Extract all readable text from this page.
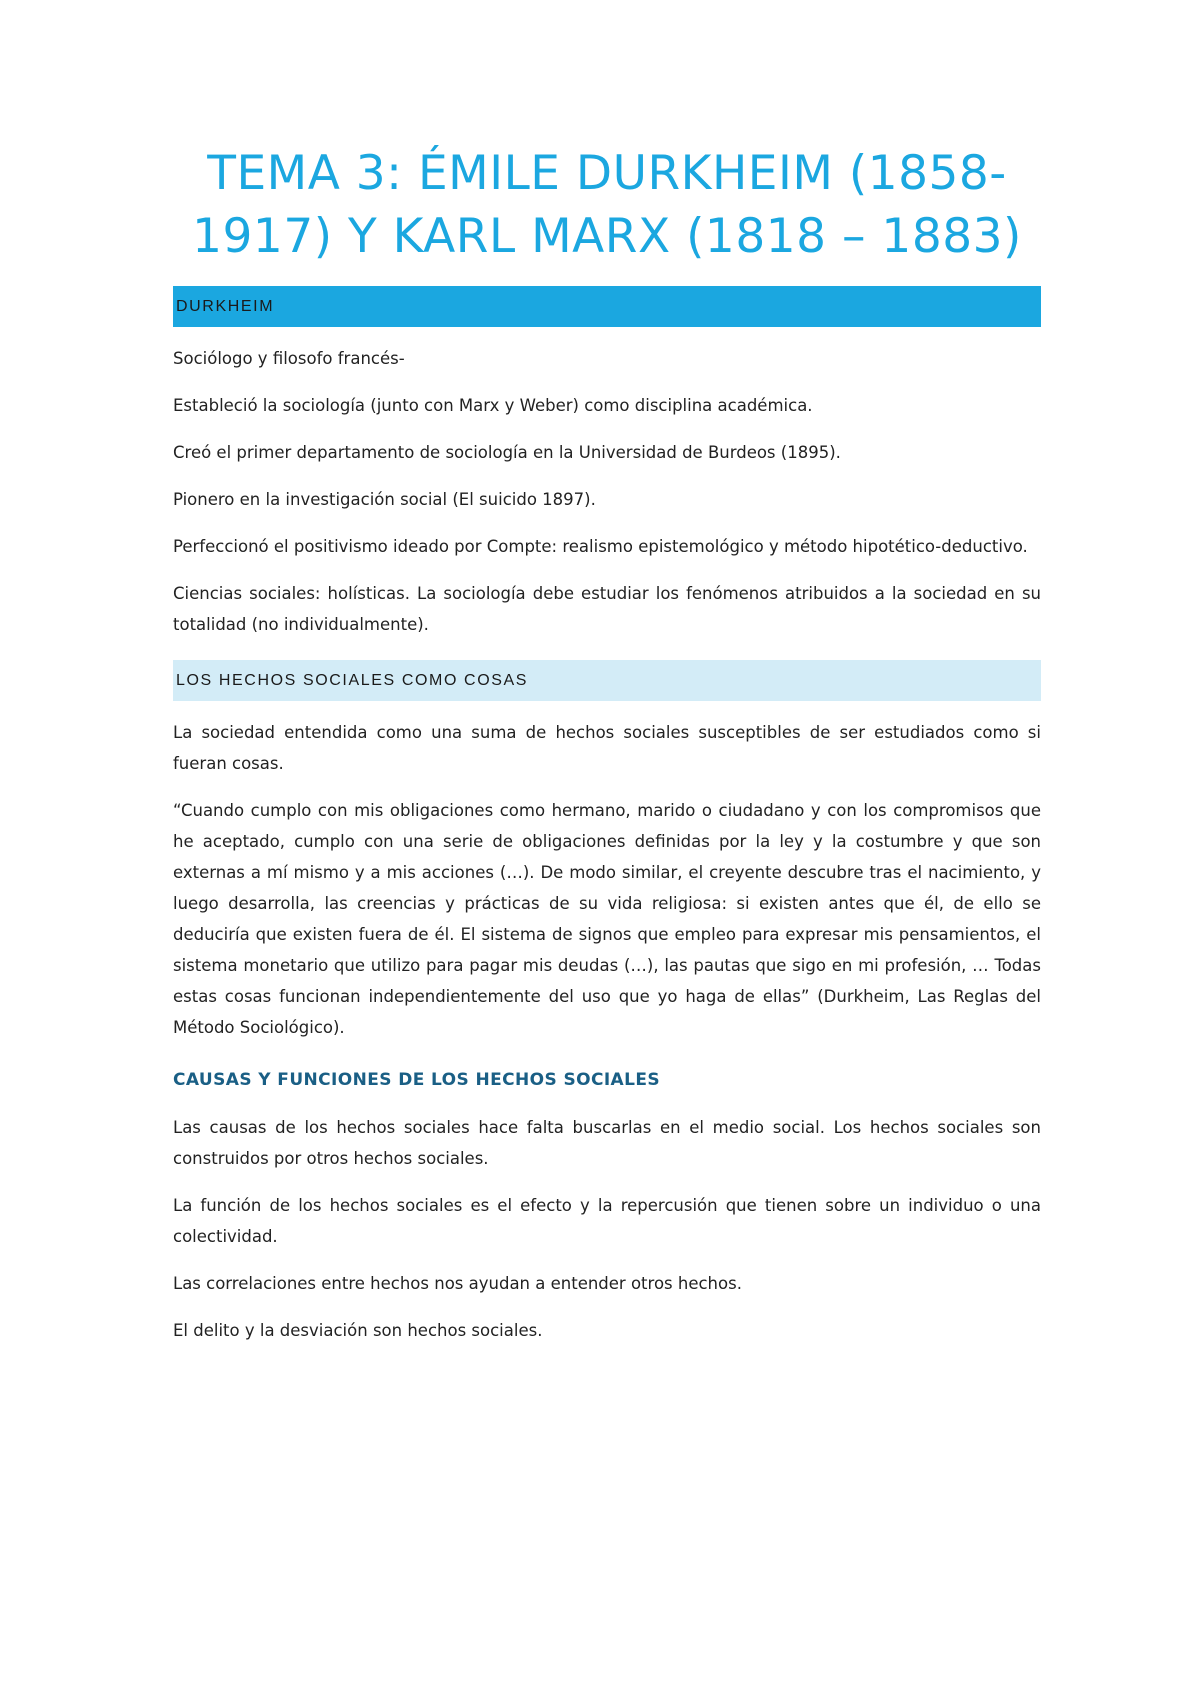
TEMA 3: ÉMILE DURKHEIM (1858-1917) Y KARL MARX (1818 – 1883)
DURKHEIM

Sociólogo y filosofo francés-

Estableció la sociología (junto con Marx y Weber) como disciplina académica.

Creó el primer departamento de sociología en la Universidad de Burdeos (1895).

Pionero en la investigación social (El suicido 1897).

Perfeccionó el positivismo ideado por Compte: realismo epistemológico y método hipotético-deductivo.

Ciencias sociales: holísticas. La sociología debe estudiar los fenómenos atribuidos a la sociedad en su totalidad (no individualmente).

LOS HECHOS SOCIALES COMO COSAS

La sociedad entendida como una suma de hechos sociales susceptibles de ser estudiados como si fueran cosas.

“Cuando cumplo con mis obligaciones como hermano, marido o ciudadano y con los compromisos que he aceptado, cumplo con una serie de obligaciones definidas por la ley y la costumbre y que son externas a mí mismo y a mis acciones (…). De modo similar, el creyente descubre tras el nacimiento, y luego desarrolla, las creencias y prácticas de su vida religiosa: si existen antes que él, de ello se deduciría que existen fuera de él. El sistema de signos que empleo para expresar mis pensamientos, el sistema monetario que utilizo para pagar mis deudas (…), las pautas que sigo en mi profesión, … Todas estas cosas funcionan independientemente del uso que yo haga de ellas” (Durkheim, Las Reglas del Método Sociológico).

CAUSAS Y FUNCIONES DE LOS HECHOS SOCIALES

Las causas de los hechos sociales hace falta buscarlas en el medio social. Los hechos sociales son construidos por otros hechos sociales.

La función de los hechos sociales es el efecto y la repercusión que tienen sobre un individuo o una colectividad.

Las correlaciones entre hechos nos ayudan a entender otros hechos.

El delito y la desviación son hechos sociales.
